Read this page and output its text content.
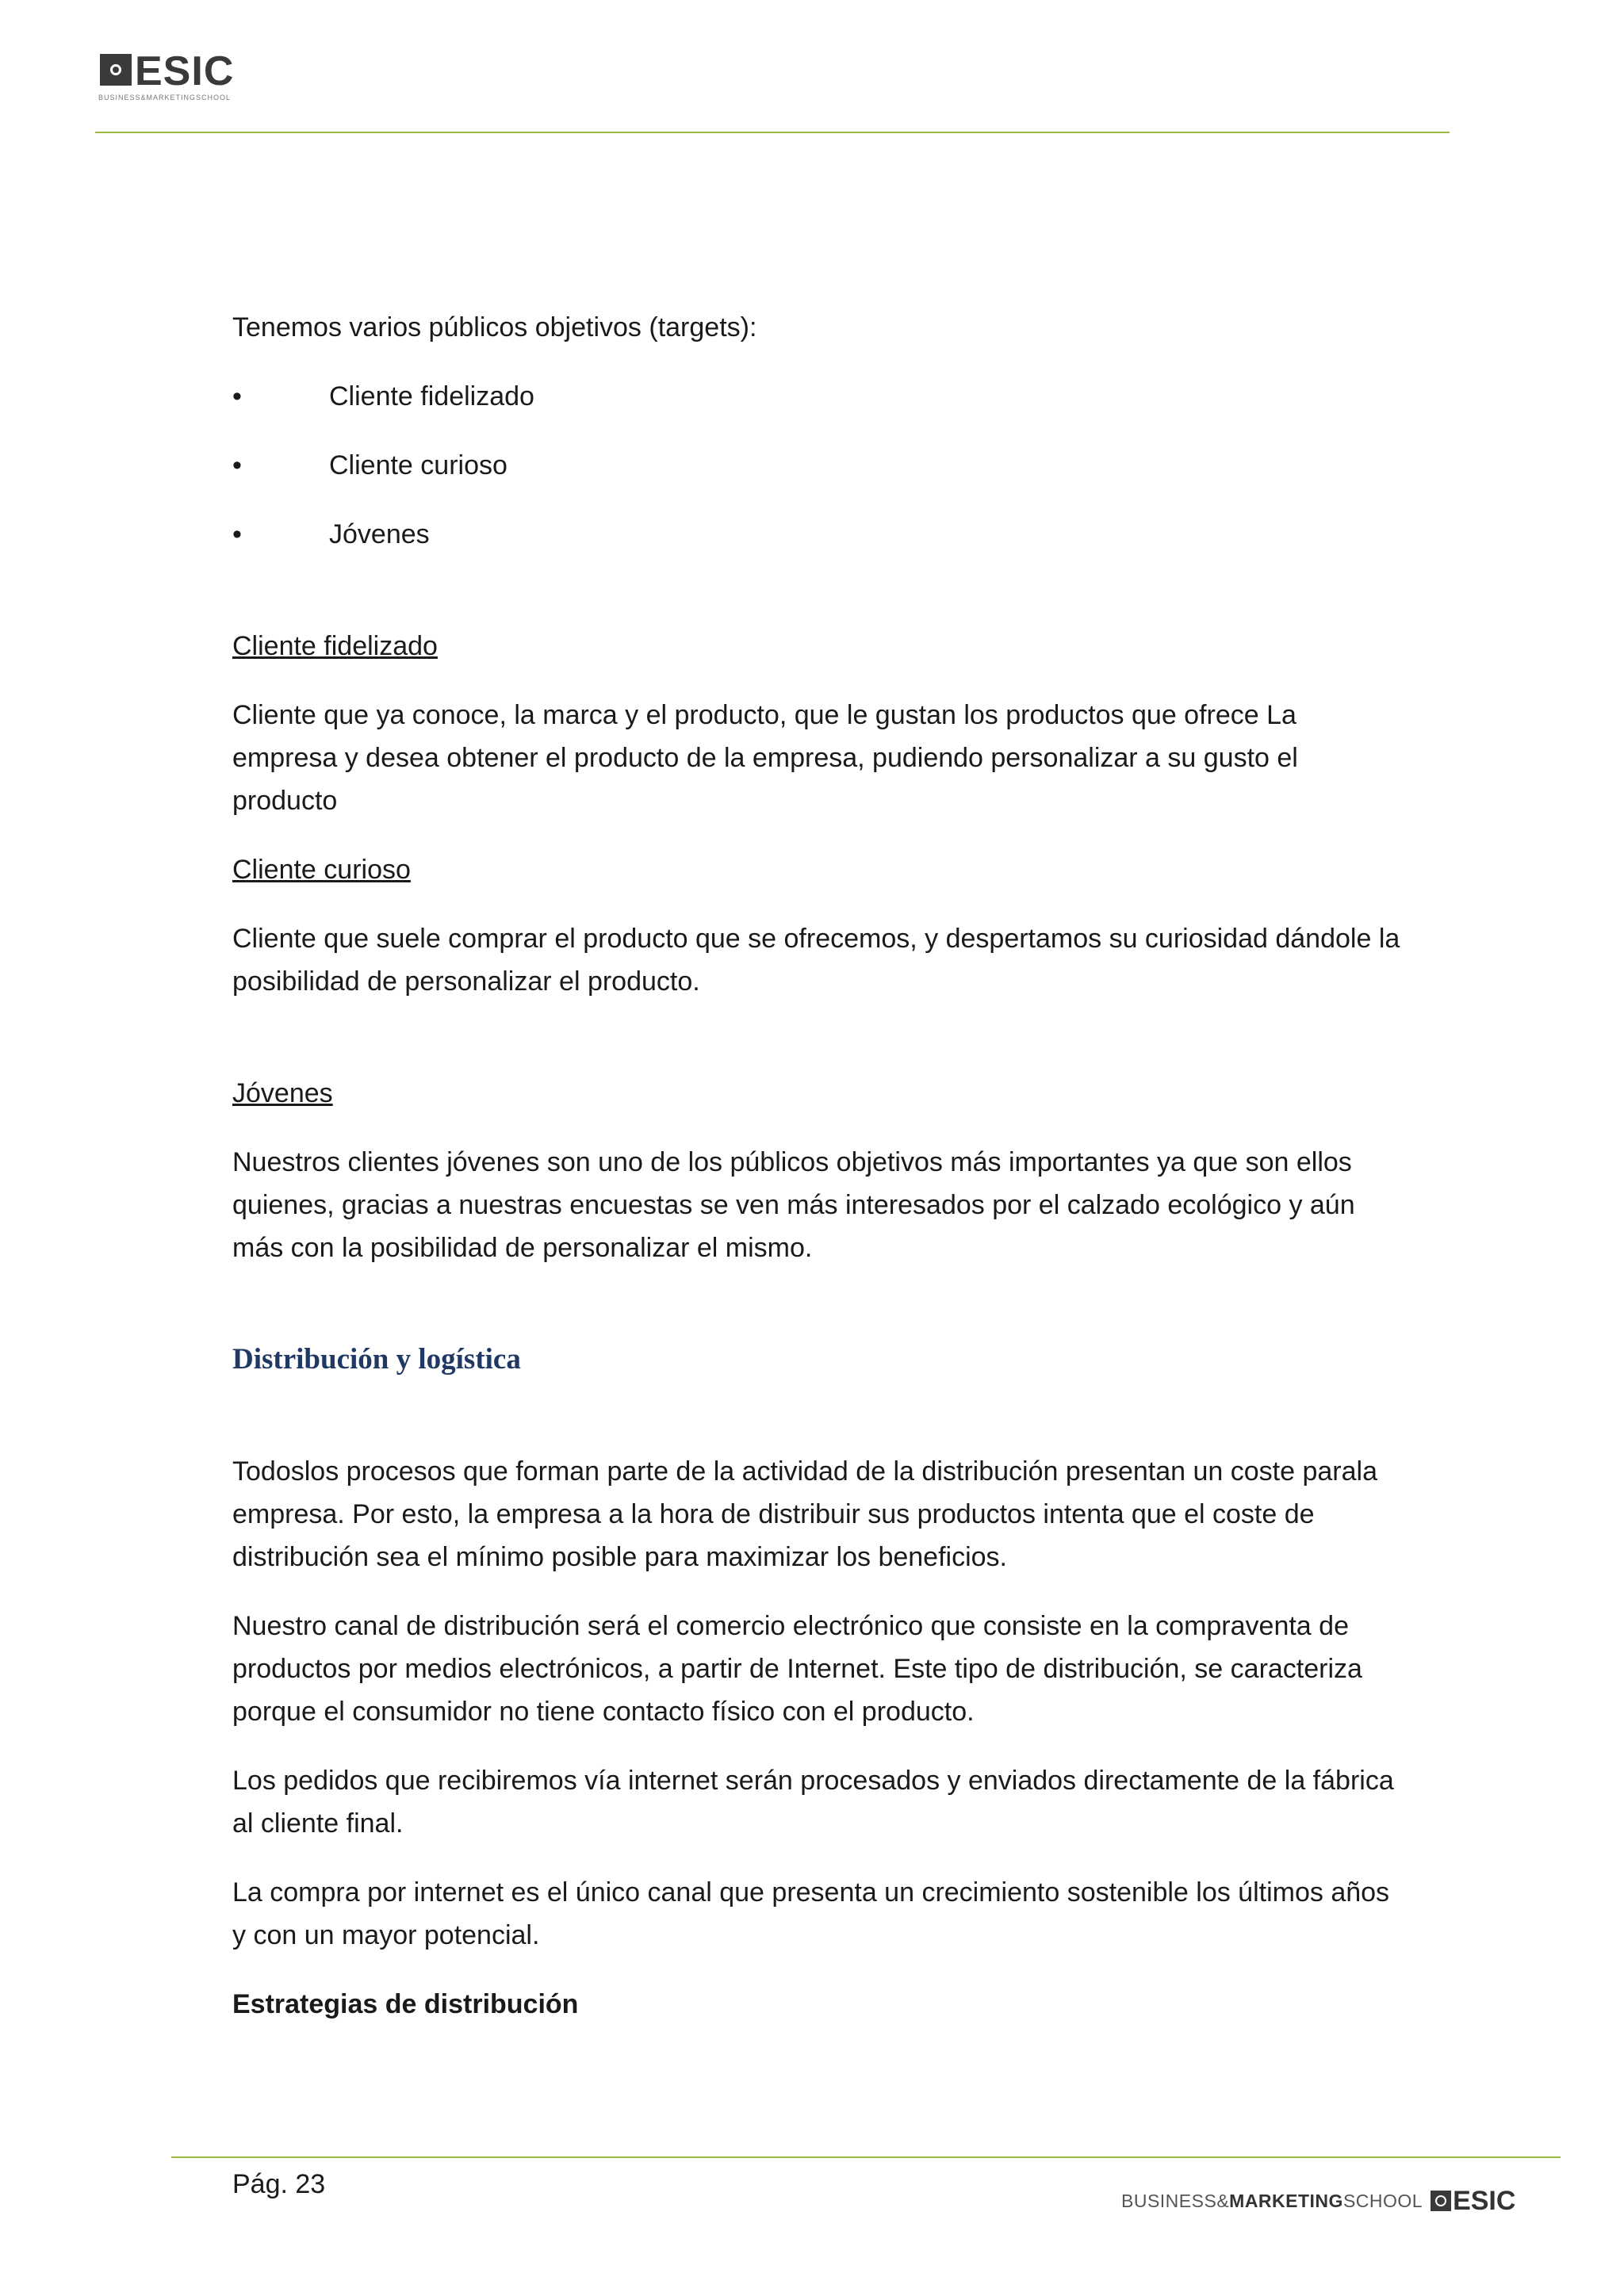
ESIC
BUSINESS&MARKETINGSCHOOL

Tenemos varios públicos objetivos (targets):

•	Cliente fidelizado
•	Cliente curioso
•	Jóvenes
Cliente fidelizado

Cliente que ya conoce, la marca y el producto, que le gustan los productos que ofrece La empresa y desea obtener el producto de la empresa, pudiendo personalizar a su gusto el producto

Cliente curioso

Cliente que suele comprar el producto que se ofrecemos, y despertamos su curiosidad dándole la posibilidad de personalizar el producto.

Jóvenes

Nuestros clientes jóvenes son uno de los públicos objetivos más importantes ya que son ellos quienes, gracias a nuestras encuestas se ven más interesados por el calzado ecológico y aún más con la posibilidad de personalizar el mismo.

Distribución y logística

Todoslos procesos que forman parte de la actividad de la distribución presentan un coste parala empresa. Por esto, la empresa a la hora de distribuir sus productos intenta que el coste de distribución sea el mínimo posible para maximizar los beneficios.

Nuestro canal de distribución será el comercio electrónico que consiste en la compraventa de productos por medios electrónicos, a partir de Internet. Este tipo de distribución, se caracteriza porque el consumidor no tiene contacto físico con el producto.

Los pedidos que recibiremos vía internet serán procesados y enviados directamente de la fábrica al cliente final.

La compra por internet es el único canal que presenta un crecimiento sostenible los últimos años y con un mayor potencial.

Estrategias de distribución
Pág. 23
BUSINESS& MARKETING SCHOOL ESIC
